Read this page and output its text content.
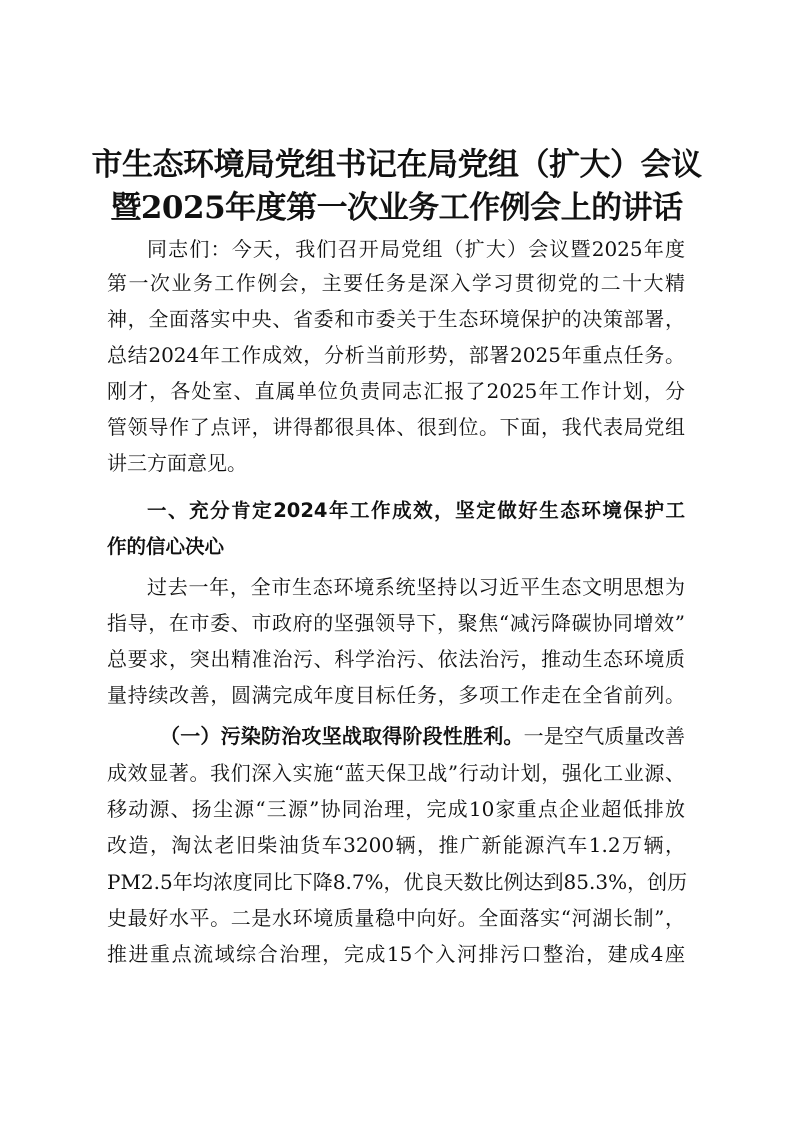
市生态环境局党组书记在局党组（扩大）会议
暨2025年度第一次业务工作例会上的讲话
同志们：今天，我们召开局党组（扩大）会议暨2025年度
第一次业务工作例会，主要任务是深入学习贯彻党的二十大精
神，全面落实中央、省委和市委关于生态环境保护的决策部署，
总结2024年工作成效，分析当前形势，部署2025年重点任务。
刚才，各处室、直属单位负责同志汇报了2025年工作计划，分
管领导作了点评，讲得都很具体、很到位。下面，我代表局党组
讲三方面意见。
一、充分肯定2024年工作成效，坚定做好生态环境保护工
作的信心决心
过去一年，全市生态环境系统坚持以习近平生态文明思想为
指导，在市委、市政府的坚强领导下，聚焦“减污降碳协同增效”
总要求，突出精准治污、科学治污、依法治污，推动生态环境质
量持续改善，圆满完成年度目标任务，多项工作走在全省前列。
（一）污染防治攻坚战取得阶段性胜利。一是空气质量改善
成效显著。我们深入实施“蓝天保卫战”行动计划，强化工业源、
移动源、扬尘源“三源”协同治理，完成10家重点企业超低排放
改造，淘汰老旧柴油货车3200辆，推广新能源汽车1.2万辆，
PM2.5年均浓度同比下降8.7%，优良天数比例达到85.3%，创历
史最好水平。二是水环境质量稳中向好。全面落实“河湖长制”，
推进重点流域综合治理，完成15个入河排污口整治，建成4座
